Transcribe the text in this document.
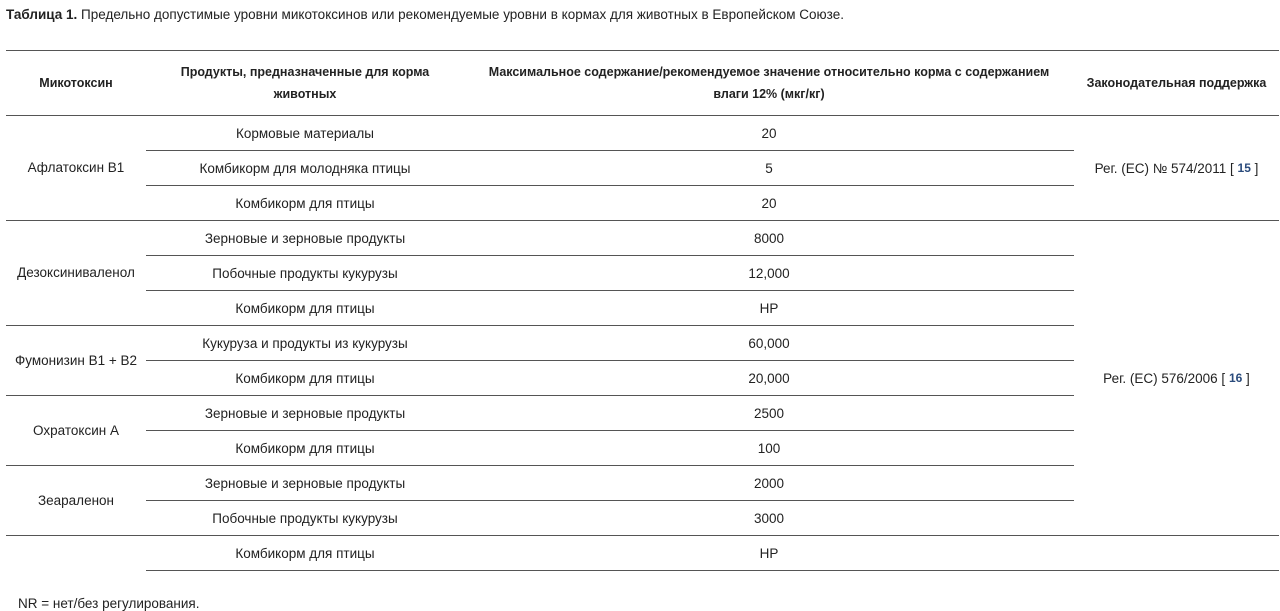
Таблица 1. Предельно допустимые уровни микотоксинов или рекомендуемые уровни в кормах для животных в Европейском Союзе.
Микотоксин	Продукты, предназначенные для корма животных	Максимальное содержание/рекомендуемое значение относительно корма с содержанием влаги 12% (мкг/кг)	Законодательная поддержка
Афлатоксин B1	Кормовые материалы	20	Рег. (EC) № 574/2011 [ 15 ]
	Комбикорм для молодняка птицы	5	
	Комбикорм для птицы	20	
Дезоксиниваленол	Зерновые и зерновые продукты	8000	Рег. (EC) 576/2006 [ 16 ]
	Побочные продукты кукурузы	12,000	
	Комбикорм для птицы	НР	
Фумонизин B1 + B2	Кукуруза и продукты из кукурузы	60,000	
	Комбикорм для птицы	20,000	
Охратоксин А	Зерновые и зерновые продукты	2500	
	Комбикорм для птицы	100	
Зеараленон	Зерновые и зерновые продукты	2000	
	Побочные продукты кукурузы	3000	
	Комбикорм для птицы	НР	
NR = нет/без регулирования.
